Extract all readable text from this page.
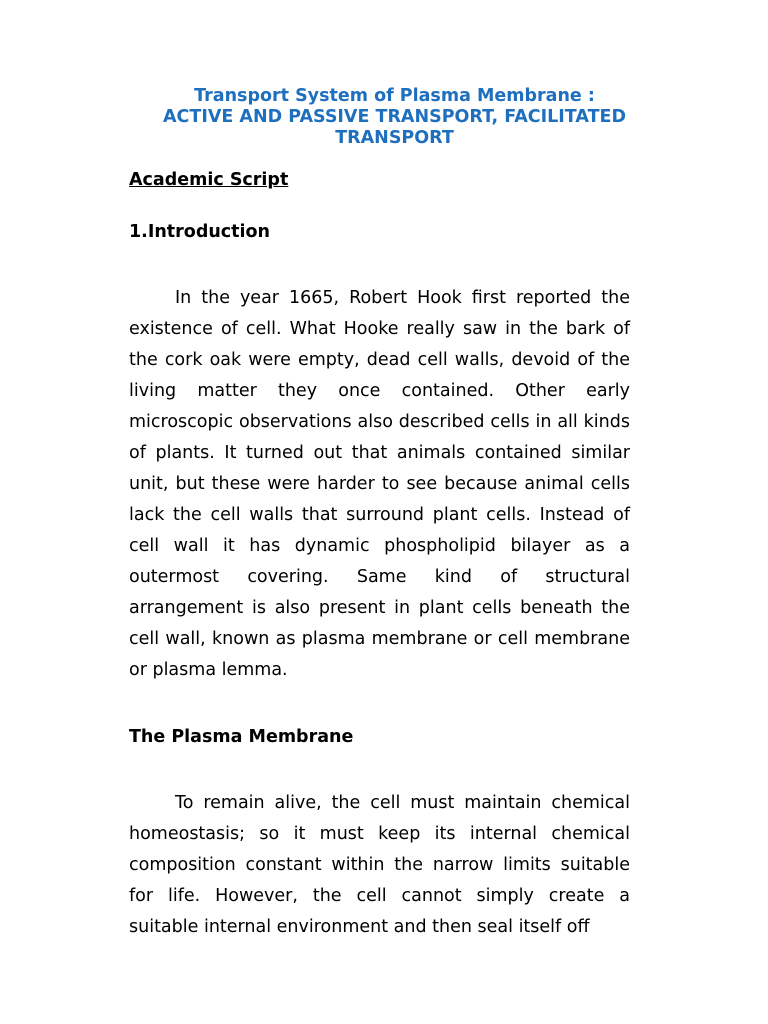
Transport System of Plasma Membrane :
ACTIVE AND PASSIVE TRANSPORT, FACILITATED
TRANSPORT

Academic Script

1.Introduction

In the year 1665, Robert Hook first reported the existence of cell. What Hooke really saw in the bark of the cork oak were empty, dead cell walls, devoid of the living matter they once contained. Other early microscopic observations also described cells in all kinds of plants. It turned out that animals contained similar unit, but these were harder to see because animal cells lack the cell walls that surround plant cells. Instead of cell wall it has dynamic phospholipid bilayer as a outermost covering. Same kind of structural arrangement is also present in plant cells beneath the cell wall, known as plasma membrane or cell membrane or plasma lemma.

The Plasma Membrane

To remain alive, the cell must maintain chemical homeostasis; so it must keep its internal chemical composition constant within the narrow limits suitable for life. However, the cell cannot simply create a suitable internal environment and then seal itself off
